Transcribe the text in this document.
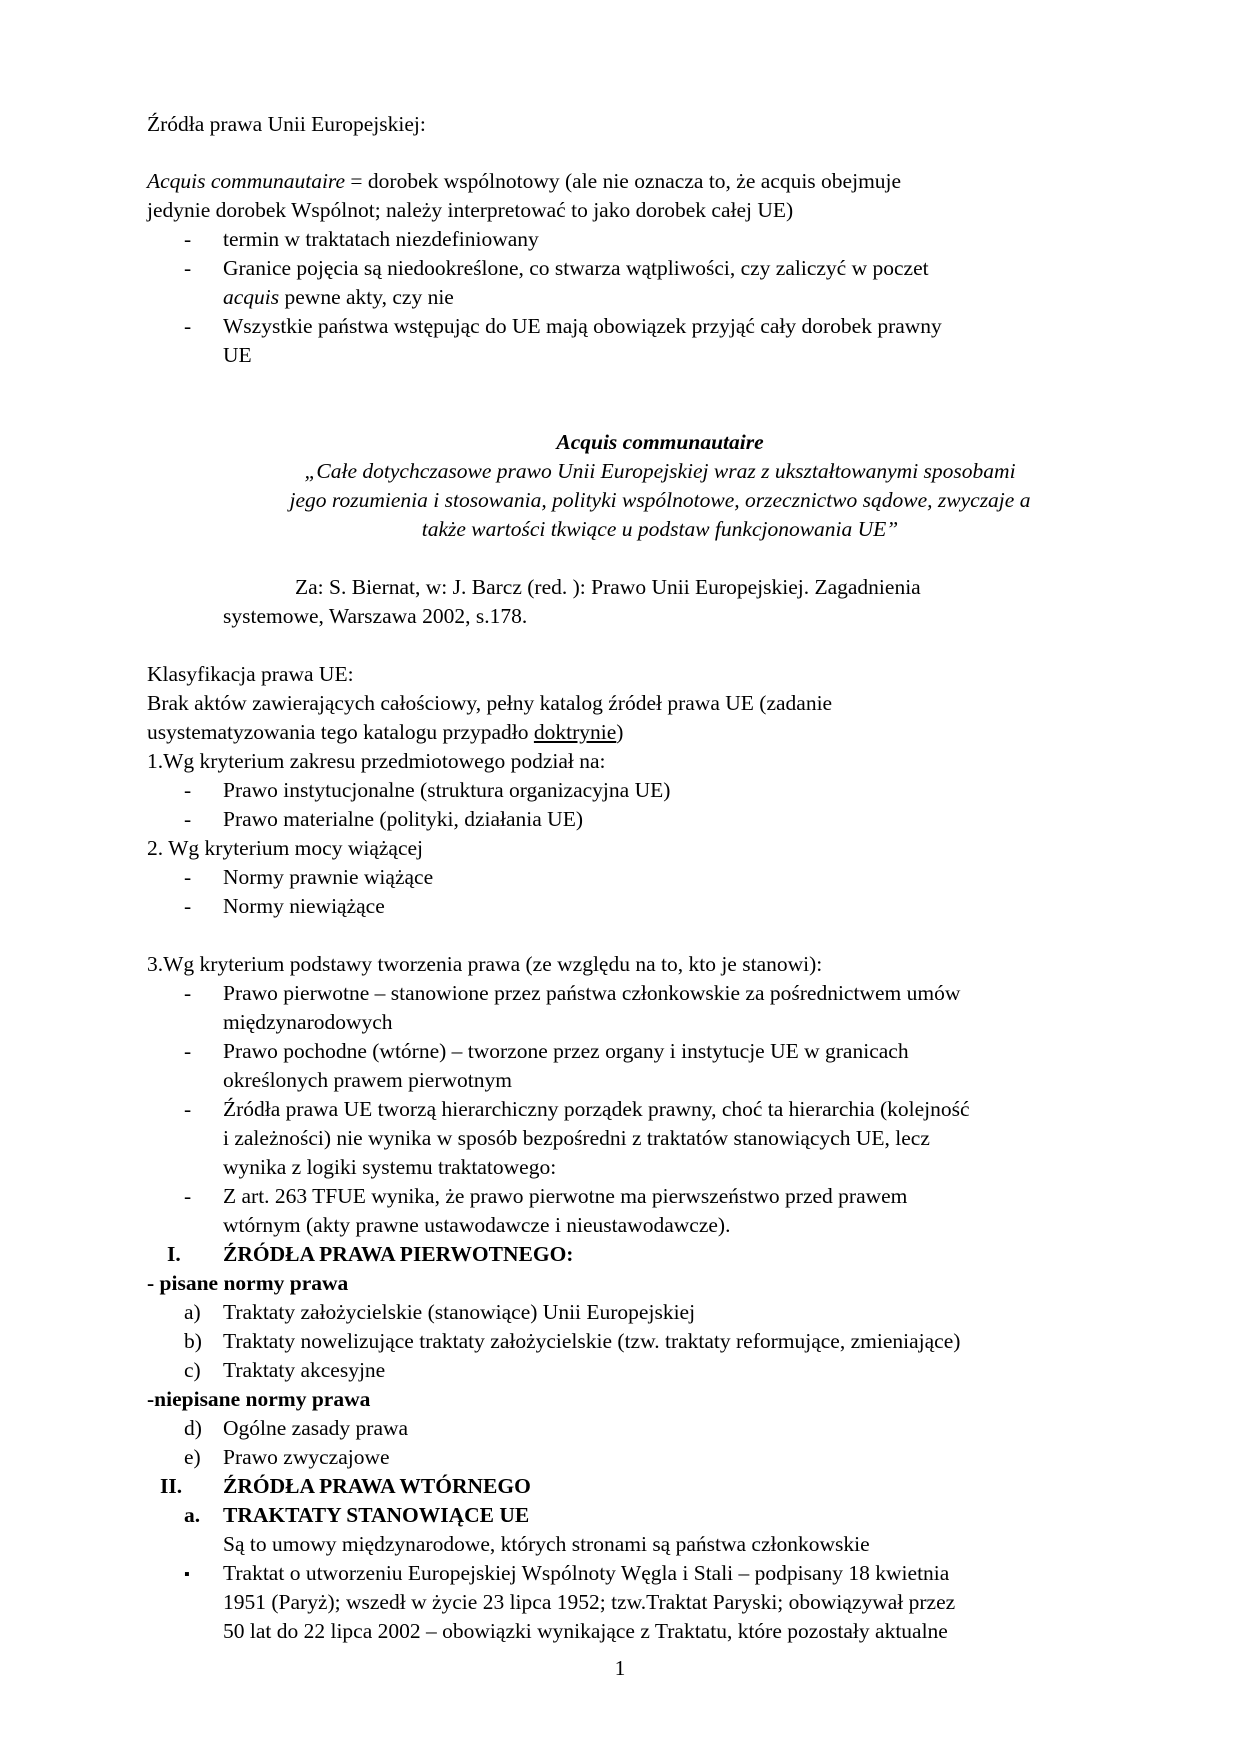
Źródła prawa Unii Europejskiej:
Acquis communautaire = dorobek wspólnotowy (ale nie oznacza to, że acquis obejmuje
jedynie dorobek Wspólnot; należy interpretować to jako dorobek całej UE)
- termin w traktatach niezdefiniowany
- Granice pojęcia są niedookreślone, co stwarza wątpliwości, czy zaliczyć w poczet
acquis pewne akty, czy nie
- Wszystkie państwa wstępując do UE mają obowiązek przyjąć cały dorobek prawny
UE
Acquis communautaire
„Całe dotychczasowe prawo Unii Europejskiej wraz z ukształtowanymi sposobami
jego rozumienia i stosowania, polityki wspólnotowe, orzecznictwo sądowe, zwyczaje a
także wartości tkwiące u podstaw funkcjonowania UE”
Za: S. Biernat, w: J. Barcz (red. ): Prawo Unii Europejskiej. Zagadnienia
systemowe, Warszawa 2002, s.178.
Klasyfikacja prawa UE:
Brak aktów zawierających całościowy, pełny katalog źródeł prawa UE (zadanie
usystematyzowania tego katalogu przypadło doktrynie)
1.Wg kryterium zakresu przedmiotowego podział na:
- Prawo instytucjonalne (struktura organizacyjna UE)
- Prawo materialne (polityki, działania UE)
2. Wg kryterium mocy wiążącej
- Normy prawnie wiążące
- Normy niewiążące
3.Wg kryterium podstawy tworzenia prawa (ze względu na to, kto je stanowi):
- Prawo pierwotne – stanowione przez państwa członkowskie za pośrednictwem umów
międzynarodowych
- Prawo pochodne (wtórne) – tworzone przez organy i instytucje UE w granicach
określonych prawem pierwotnym
- Źródła prawa UE tworzą hierarchiczny porządek prawny, choć ta hierarchia (kolejność
i zależności) nie wynika w sposób bezpośredni z traktatów stanowiących UE, lecz
wynika z logiki systemu traktatowego:
- Z art. 263 TFUE wynika, że prawo pierwotne ma pierwszeństwo przed prawem
wtórnym (akty prawne ustawodawcze i nieustawodawcze).
I. ŹRÓDŁA PRAWA PIERWOTNEGO:
- pisane normy prawa
a) Traktaty założycielskie (stanowiące) Unii Europejskiej
b) Traktaty nowelizujące traktaty założycielskie (tzw. traktaty reformujące, zmieniające)
c) Traktaty akcesyjne
-niepisane normy prawa
d) Ogólne zasady prawa
e) Prawo zwyczajowe
II. ŹRÓDŁA PRAWA WTÓRNEGO
a. TRAKTATY STANOWIĄCE UE
Są to umowy międzynarodowe, których stronami są państwa członkowskie
▪ Traktat o utworzeniu Europejskiej Wspólnoty Węgla i Stali – podpisany 18 kwietnia
1951 (Paryż); wszedł w życie 23 lipca 1952; tzw.Traktat Paryski; obowiązywał przez
50 lat do 22 lipca 2002 – obowiązki wynikające z Traktatu, które pozostały aktualne
1
